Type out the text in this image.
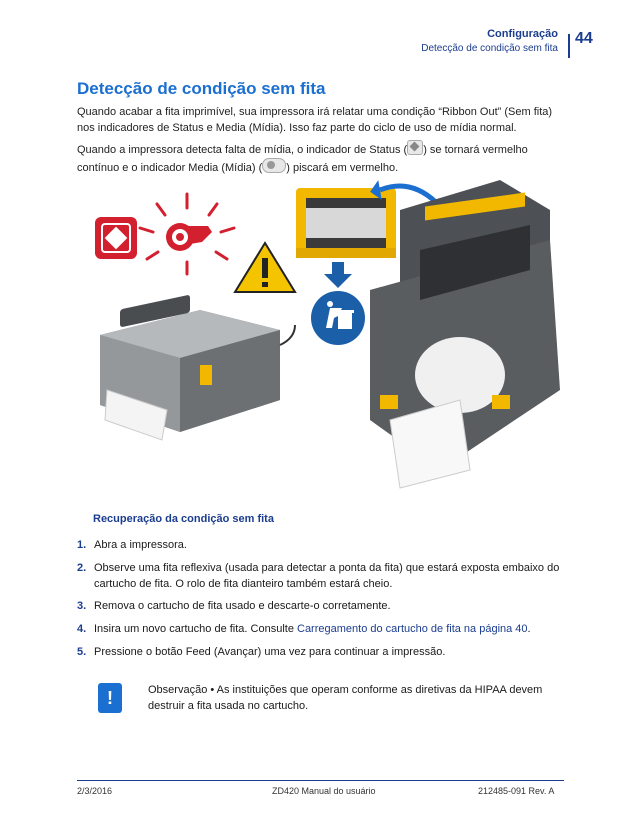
Configuração
Detecção de condição sem fita
44
Detecção de condição sem fita
Quando acabar a fita imprimível, sua impressora irá relatar uma condição “Ribbon Out” (Sem fita) nos indicadores de Status e Media (Mídia). Isso faz parte do ciclo de uso de mídia normal.
Quando a impressora detecta falta de mídia, o indicador de Status ( ) se tornará vermelho contínuo e o indicador Media (Mídia) ( ) piscará em vermelho.
Recuperação da condição sem fita
1. Abra a impressora.
2. Observe uma fita reflexiva (usada para detectar a ponta da fita) que estará exposta embaixo do cartucho de fita. O rolo de fita dianteiro também estará cheio.
3. Remova o cartucho de fita usado e descarte-o corretamente.
4. Insira um novo cartucho de fita. Consulte Carregamento do cartucho de fita na página 40.
5. Pressione o botão Feed (Avançar) uma vez para continuar a impressão.
!	Observação • As instituições que operam conforme as diretivas da HIPAA devem destruir a fita usada no cartucho.
2/3/2016	ZD420 Manual do usuário	212485-091 Rev. A
